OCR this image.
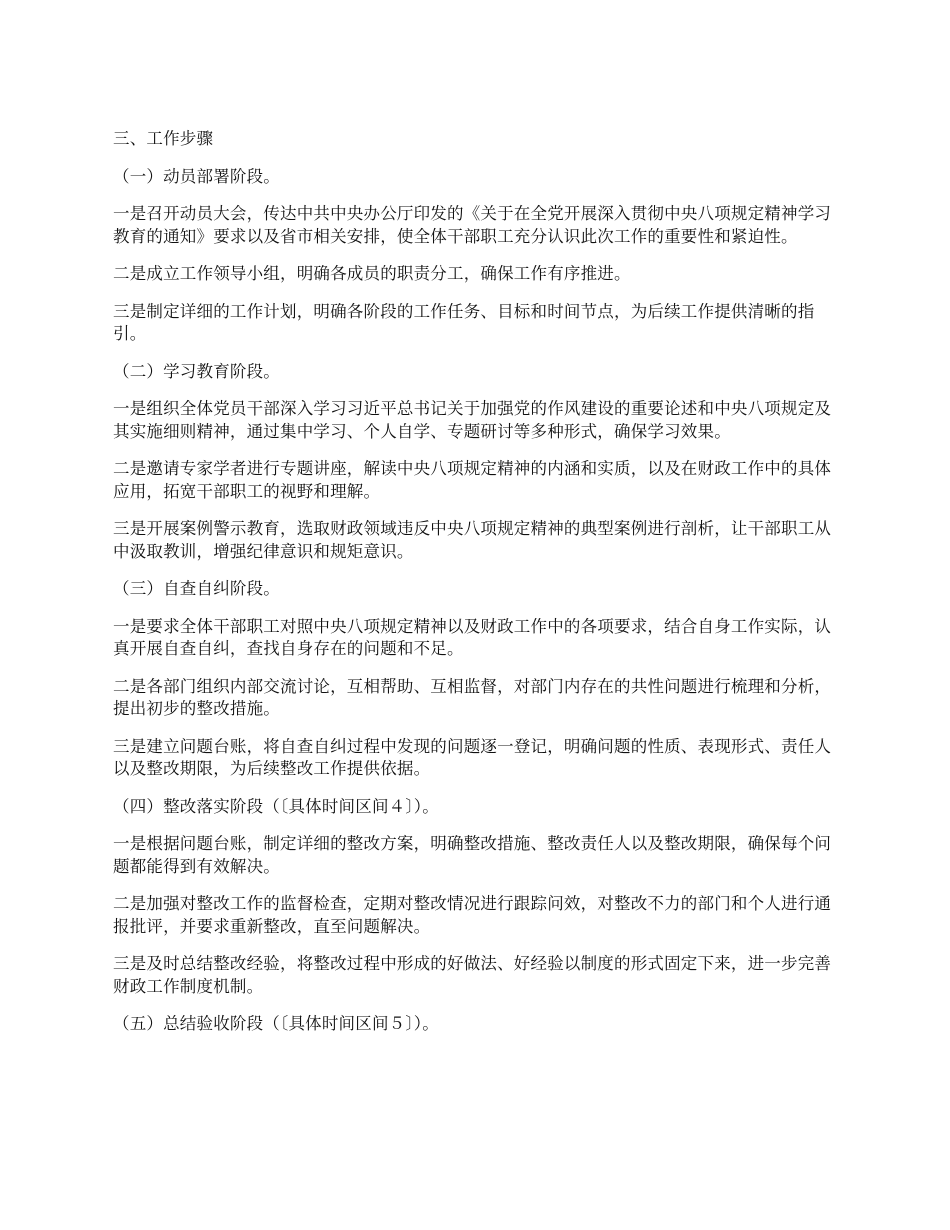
三、工作步骤

（一）动员部署阶段。

一是召开动员大会，传达中共中央办公厅印发的《关于在全党开展深入贯彻中央八项规定精神学习教育的通知》要求以及省市相关安排，使全体干部职工充分认识此次工作的重要性和紧迫性。

二是成立工作领导小组，明确各成员的职责分工，确保工作有序推进。

三是制定详细的工作计划，明确各阶段的工作任务、目标和时间节点，为后续工作提供清晰的指引。

（二）学习教育阶段。

一是组织全体党员干部深入学习习近平总书记关于加强党的作风建设的重要论述和中央八项规定及其实施细则精神，通过集中学习、个人自学、专题研讨等多种形式，确保学习效果。

二是邀请专家学者进行专题讲座，解读中央八项规定精神的内涵和实质，以及在财政工作中的具体应用，拓宽干部职工的视野和理解。

三是开展案例警示教育，选取财政领域违反中央八项规定精神的典型案例进行剖析，让干部职工从中汲取教训，增强纪律意识和规矩意识。

（三）自查自纠阶段。

一是要求全体干部职工对照中央八项规定精神以及财政工作中的各项要求，结合自身工作实际，认真开展自查自纠，查找自身存在的问题和不足。

二是各部门组织内部交流讨论，互相帮助、互相监督，对部门内存在的共性问题进行梳理和分析，提出初步的整改措施。

三是建立问题台账，将自查自纠过程中发现的问题逐一登记，明确问题的性质、表现形式、责任人以及整改期限，为后续整改工作提供依据。

（四）整改落实阶段（〔具体时间区间４〕）。

一是根据问题台账，制定详细的整改方案，明确整改措施、整改责任人以及整改期限，确保每个问题都能得到有效解决。

二是加强对整改工作的监督检查，定期对整改情况进行跟踪问效，对整改不力的部门和个人进行通报批评，并要求重新整改，直至问题解决。

三是及时总结整改经验，将整改过程中形成的好做法、好经验以制度的形式固定下来，进一步完善财政工作制度机制。

（五）总结验收阶段（〔具体时间区间５〕）。
